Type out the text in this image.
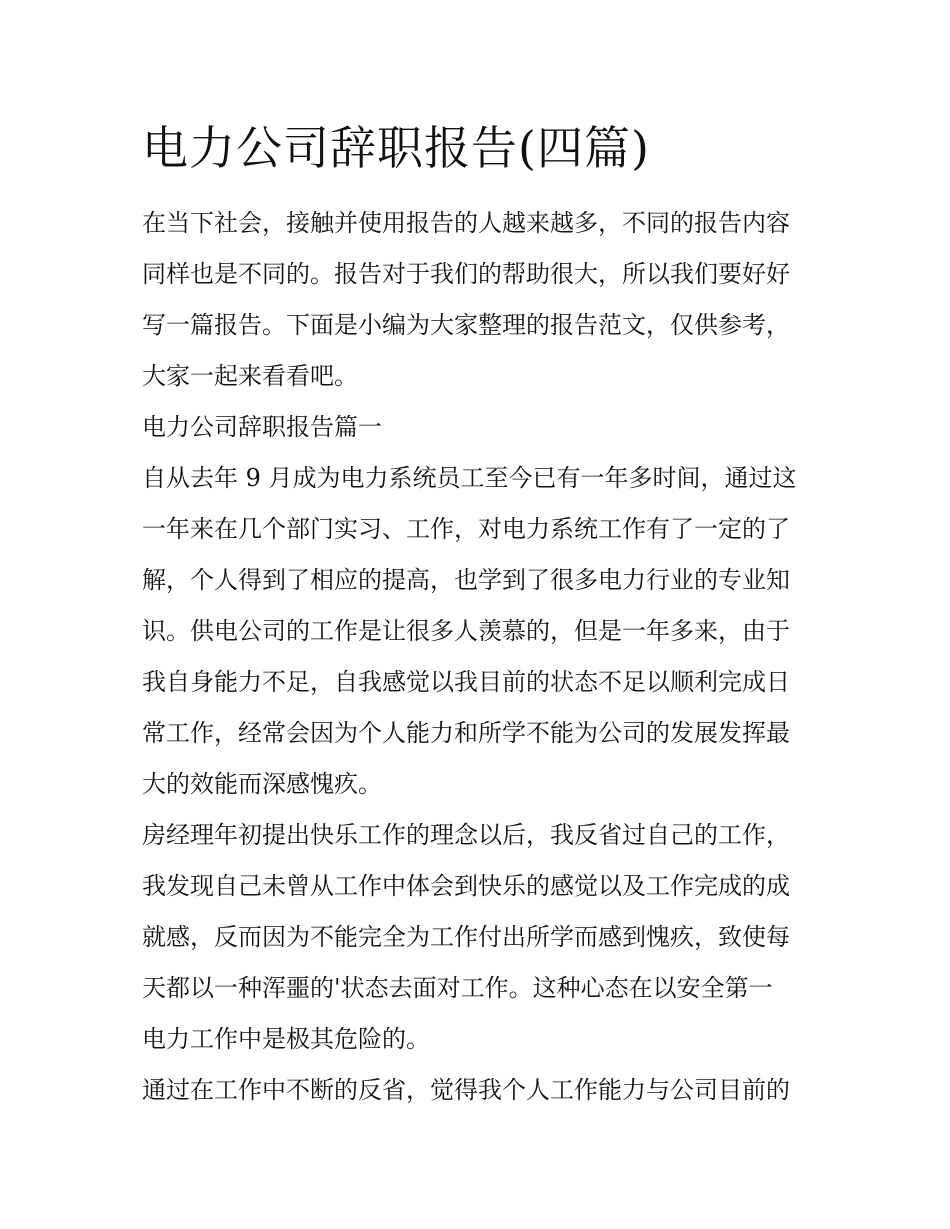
电力公司辞职报告(四篇)

在当下社会，接触并使用报告的人越来越多，不同的报告内容

同样也是不同的。报告对于我们的帮助很大，所以我们要好好

写一篇报告。下面是小编为大家整理的报告范文，仅供参考，

大家一起来看看吧。

电力公司辞职报告篇一

自从去年 9 月成为电力系统员工至今已有一年多时间，通过这

一年来在几个部门实习、工作，对电力系统工作有了一定的了

解，个人得到了相应的提高，也学到了很多电力行业的专业知

识。供电公司的工作是让很多人羡慕的，但是一年多来，由于

我自身能力不足，自我感觉以我目前的状态不足以顺利完成日

常工作，经常会因为个人能力和所学不能为公司的发展发挥最

大的效能而深感愧疚。

房经理年初提出快乐工作的理念以后，我反省过自己的工作，

我发现自己未曾从工作中体会到快乐的感觉以及工作完成的成

就感，反而因为不能完全为工作付出所学而感到愧疚，致使每

天都以一种浑噩的'状态去面对工作。这种心态在以安全第一

电力工作中是极其危险的。

通过在工作中不断的反省，觉得我个人工作能力与公司目前的
